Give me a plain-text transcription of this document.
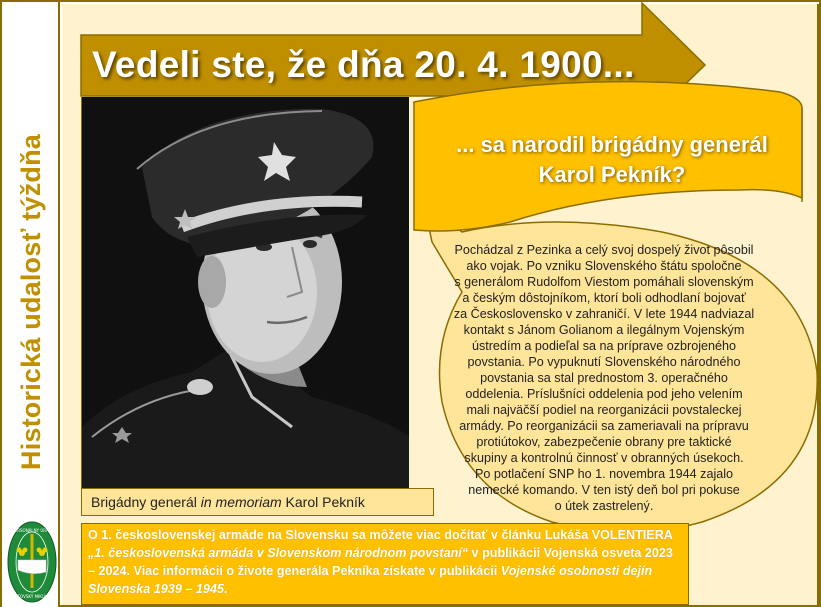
Historická udalosť týždňa
PERSONÁLNY ÚRAD
LIPTOVSKÝ MIKULÁŠ
Vedeli ste, že dňa 20. 4. 1900...
... sa narodil brigádny generál
Karol Pekník?
Pochádzal z Pezinka a celý svoj dospelý život pôsobil
ako vojak. Po vzniku Slovenského štátu spoločne
s generálom Rudolfom Viestom pomáhali slovenským
a českým dôstojníkom, ktorí boli odhodlaní bojovať
za Československo v zahraničí. V lete 1944 nadviazal
kontakt s Jánom Golianom a ilegálnym Vojenským
ústredím a podieľal sa na príprave ozbrojeného
povstania. Po vypuknutí Slovenského národného
povstania sa stal prednostom 3. operačného
oddelenia. Príslušníci oddelenia pod jeho velením
mali najväčší podiel na reorganizácii povstaleckej
armády. Po reorganizácii sa zameriavali na prípravu
protiútokov, zabezpečenie obrany pre taktické
skupiny a kontrolnú činnosť v obranných úsekoch.
Po potlačení SNP ho 1. novembra 1944 zajalo
nemecké komando. V ten istý deň bol pri pokuse
o útek zastrelený.
Brigádny generál in memoriam Karol Pekník
O 1. československej armáde na Slovensku sa môžete viac dočítať v článku Lukáša VOLENTIERA „1. československá armáda v Slovenskom národnom povstaní“ v publikácii Vojenská osveta 2023 – 2024. Viac informácií o živote generála Pekníka získate v publikácii Vojenské osobnosti dejín Slovenska 1939 – 1945.
